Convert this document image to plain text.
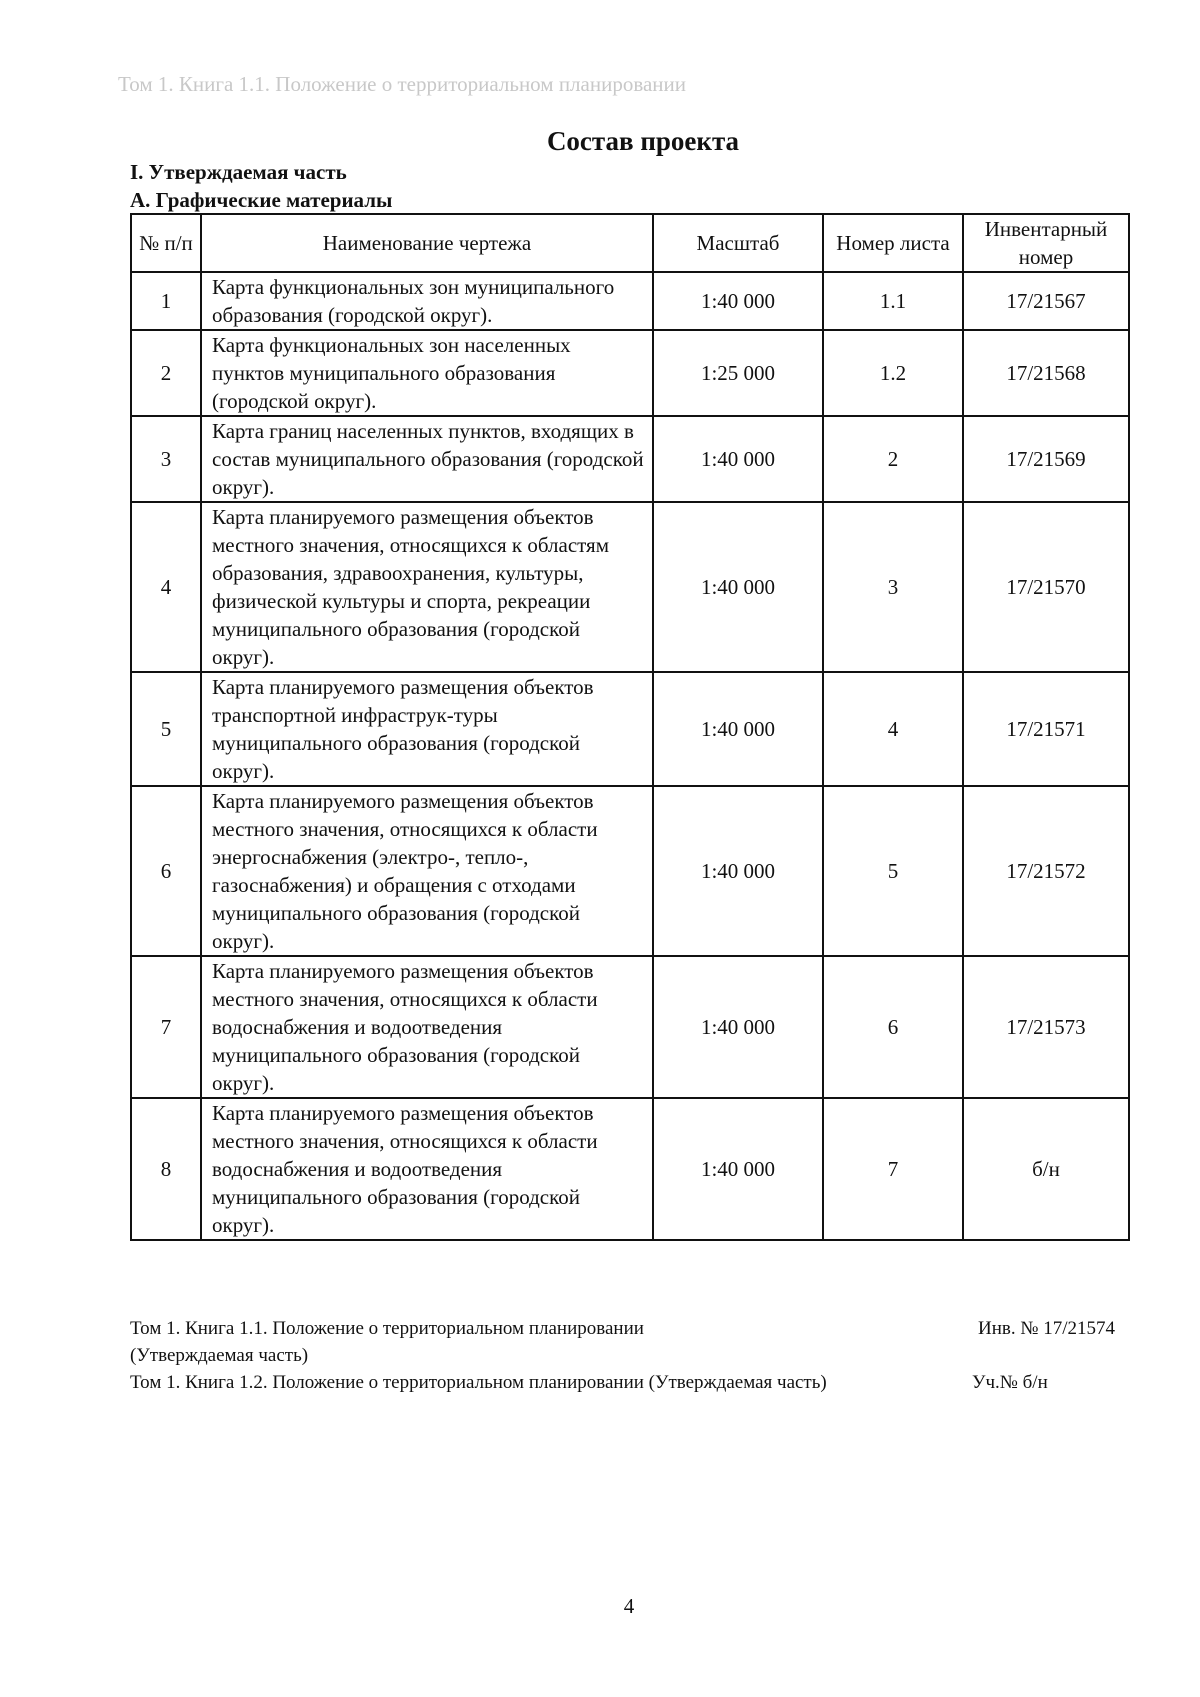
Том 1. Книга 1.1. Положение о территориальном планировании
Состав проекта
I. Утверждаемая часть
А. Графические материалы
№ п/п	Наименование чертежа	Масштаб	Номер листа	Инвентарный номер
1	Карта функциональных зон муниципального образования (городской округ).	1:40 000	1.1	17/21567
2	Карта функциональных зон населенных пунктов муниципального образования (городской округ).	1:25 000	1.2	17/21568
3	Карта границ населенных пунктов, входящих в состав муниципального образования (городской округ).	1:40 000	2	17/21569
4	Карта планируемого размещения объектов местного значения, относящихся к областям образования, здравоохранения, культуры, физической культуры и спорта, рекреации муниципального образования (городской округ).	1:40 000	3	17/21570
5	Карта планируемого размещения объектов транспортной инфраструк-туры муниципального образования (городской округ).	1:40 000	4	17/21571
6	Карта планируемого размещения объектов местного значения, относящихся к области энергоснабжения (электро-, тепло-, газоснабжения) и обращения с отходами муниципального образования (городской округ).	1:40 000	5	17/21572
7	Карта планируемого размещения объектов местного значения, относящихся к области водоснабжения и водоотведения муниципального образования (городской округ).	1:40 000	6	17/21573
8	Карта планируемого размещения объектов местного значения, относящихся к области водоснабжения и водоотведения муниципального образования (городской округ).	1:40 000	7	б/н
Том 1. Книга 1.1. Положение о территориальном планировании	Инв. № 17/21574
(Утверждаемая часть)
Том 1. Книга 1.2. Положение о территориальном планировании (Утверждаемая часть)	Уч.№ б/н
4
